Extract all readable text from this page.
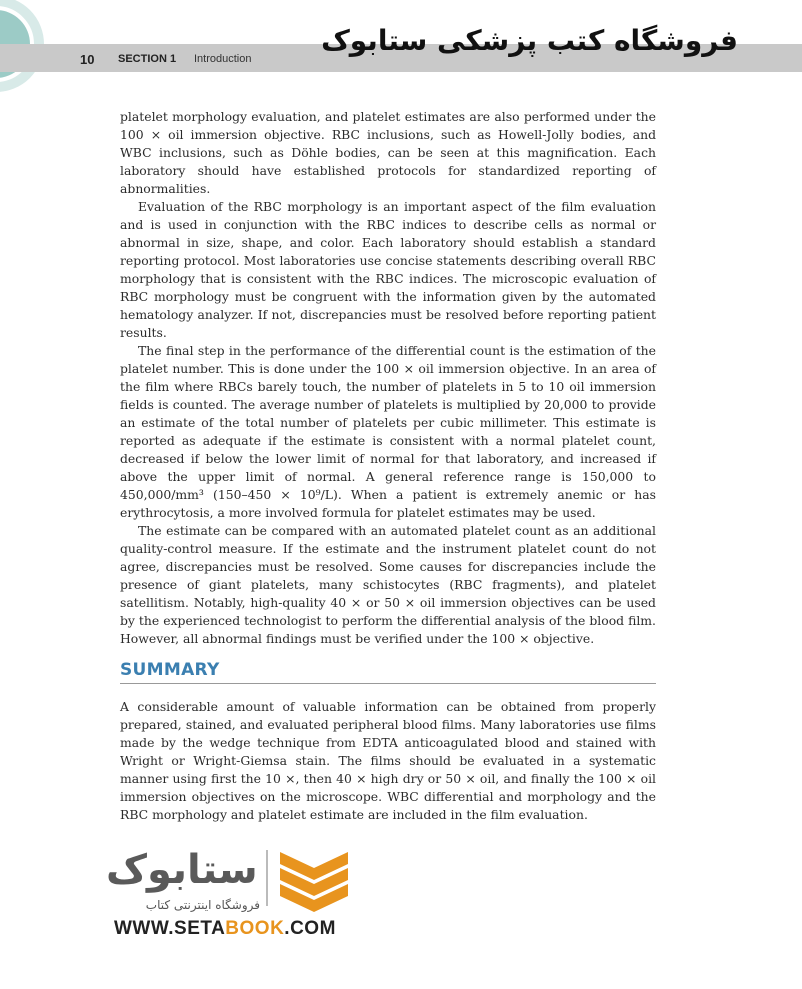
10 SECTION 1 Introduction
فروشگاه کتب پزشکی ستابوک

platelet morphology evaluation, and platelet estimates are also performed under the 100 × oil immersion objective. RBC inclusions, such as Howell-Jolly bodies, and WBC inclusions, such as Döhle bodies, can be seen at this magnification. Each laboratory should have established protocols for standardized reporting of abnormalities.

Evaluation of the RBC morphology is an important aspect of the film evaluation and is used in conjunction with the RBC indices to describe cells as normal or abnormal in size, shape, and color. Each laboratory should establish a standard reporting protocol. Most laboratories use concise statements describing overall RBC morphology that is consistent with the RBC indices. The microscopic evaluation of RBC morphology must be congruent with the information given by the automated hematology analyzer. If not, discrepancies must be resolved before reporting patient results.

The final step in the performance of the differential count is the estimation of the platelet number. This is done under the 100 × oil immersion objective. In an area of the film where RBCs barely touch, the number of platelets in 5 to 10 oil immersion fields is counted. The average number of platelets is multiplied by 20,000 to provide an estimate of the total number of platelets per cubic millimeter. This estimate is reported as adequate if the estimate is consistent with a normal platelet count, decreased if below the lower limit of normal for that laboratory, and increased if above the upper limit of normal. A general reference range is 150,000 to 450,000/mm³ (150–450 × 10⁹/L). When a patient is extremely anemic or has erythrocytosis, a more involved formula for platelet estimates may be used.

The estimate can be compared with an automated platelet count as an additional quality-control measure. If the estimate and the instrument platelet count do not agree, discrepancies must be resolved. Some causes for discrepancies include the presence of giant platelets, many schistocytes (RBC fragments), and platelet satellitism. Notably, high-quality 40 × or 50 × oil immersion objectives can be used by the experienced technologist to perform the differential analysis of the blood film. However, all abnormal findings must be verified under the 100 × objective.

SUMMARY

A considerable amount of valuable information can be obtained from properly prepared, stained, and evaluated peripheral blood films. Many laboratories use films made by the wedge technique from EDTA anticoagulated blood and stained with Wright or Wright-Giemsa stain. The films should be evaluated in a systematic manner using first the 10 ×, then 40 × high dry or 50 × oil, and finally the 100 × oil immersion objectives on the microscope. WBC differential and morphology and the RBC morphology and platelet estimate are included in the film evaluation.

ستابوک
فروشگاه اینترنتی کتاب
WWW.SETABOOK.COM
